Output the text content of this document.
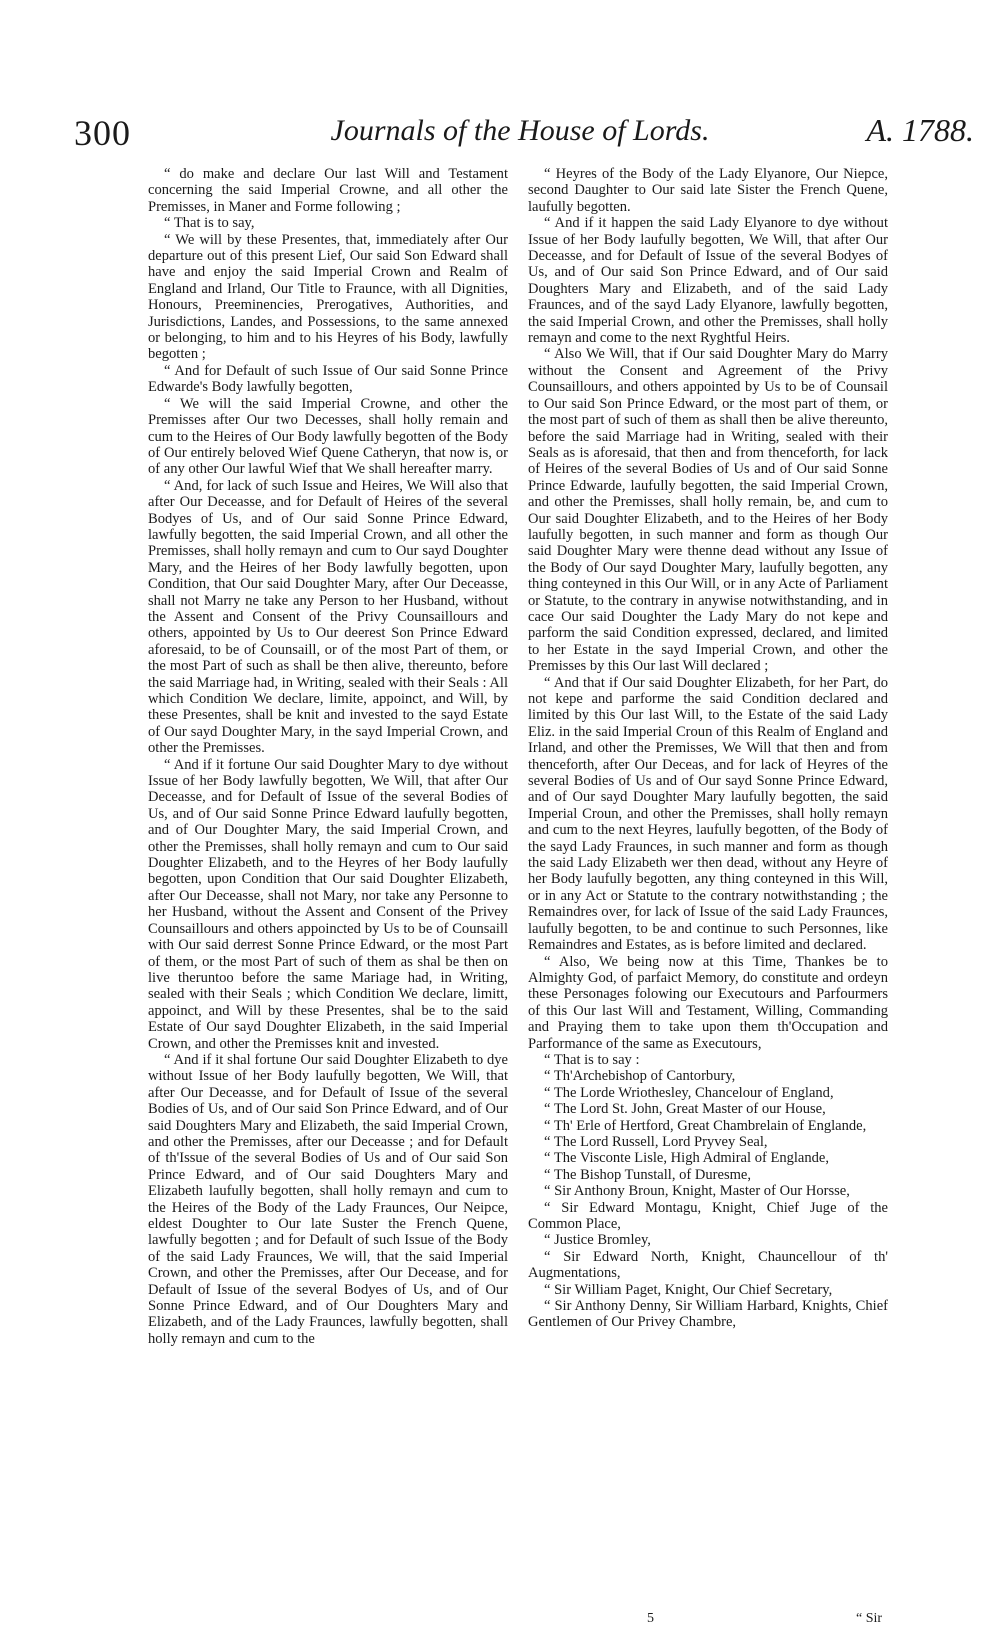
300	Journals of the House of Lords.	A. 1788.

“ do make and declare Our last Will and Testament concerning the said Imperial Crowne, and all other the Premisses, in Maner and Forme following ;

“ That is to say,

“ We will by these Presentes, that, immediately after Our departure out of this present Lief, Our said Son Edward shall have and enjoy the said Imperial Crown and Realm of England and Irland, Our Title to Fraunce, with all Dignities, Honours, Preeminencies, Prerogatives, Authorities, and Jurisdictions, Landes, and Possessions, to the same annexed or belonging, to him and to his Heyres of his Body, lawfully begotten ;

“ And for Default of such Issue of Our said Sonne Prince Edwarde's Body lawfully begotten,

“ We will the said Imperial Crowne, and other the Premisses after Our two Decesses, shall holly remain and cum to the Heires of Our Body lawfully begotten of the Body of Our entirely beloved Wief Quene Catheryn, that now is, or of any other Our lawful Wief that We shall hereafter marry.

“ And, for lack of such Issue and Heires, We Will also that after Our Deceasse, and for Default of Heires of the several Bodyes of Us, and of Our said Sonne Prince Edward, lawfully begotten, the said Imperial Crown, and all other the Premisses, shall holly remayn and cum to Our sayd Doughter Mary, and the Heires of her Body lawfully begotten, upon Condition, that Our said Doughter Mary, after Our Deceasse, shall not Marry ne take any Person to her Husband, without the Assent and Consent of the Privy Counsaillours and others, appointed by Us to Our deerest Son Prince Edward aforesaid, to be of Counsaill, or of the most Part of them, or the most Part of such as shall be then alive, thereunto, before the said Marriage had, in Writing, sealed with their Seals : All which Condition We declare, limite, appoinct, and Will, by these Presentes, shall be knit and invested to the sayd Estate of Our sayd Doughter Mary, in the sayd Imperial Crown, and other the Premisses.

“ And if it fortune Our said Doughter Mary to dye without Issue of her Body lawfully begotten, We Will, that after Our Deceasse, and for Default of Issue of the several Bodies of Us, and of Our said Sonne Prince Edward laufully begotten, and of Our Doughter Mary, the said Imperial Crown, and other the Premisses, shall holly remayn and cum to Our said Doughter Elizabeth, and to the Heyres of her Body laufully begotten, upon Condition that Our said Doughter Elizabeth, after Our Deceasse, shall not Mary, nor take any Personne to her Husband, without the Assent and Consent of the Privey Counsaillours and others appoincted by Us to be of Counsaill with Our said derrest Sonne Prince Edward, or the most Part of them, or the most Part of such of them as shal be then on live theruntoo before the same Mariage had, in Writing, sealed with their Seals ; which Condition We declare, limitt, appoinct, and Will by these Presentes, shal be to the said Estate of Our sayd Doughter Elizabeth, in the said Imperial Crown, and other the Premisses knit and invested.

“ And if it shal fortune Our said Doughter Elizabeth to dye without Issue of her Body laufully begotten, We Will, that after Our Deceasse, and for Default of Issue of the several Bodies of Us, and of Our said Son Prince Edward, and of Our said Doughters Mary and Elizabeth, the said Imperial Crown, and other the Premisses, after our Deceasse ; and for Default of th'Issue of the several Bodies of Us and of Our said Son Prince Edward, and of Our said Doughters Mary and Elizabeth laufully begotten, shall holly remayn and cum to the Heires of the Body of the Lady Fraunces, Our Neipce, eldest Doughter to Our late Suster the French Quene, lawfully begotten ; and for Default of such Issue of the Body of the said Lady Fraunces, We will, that the said Imperial Crown, and other the Premisses, after Our Decease, and for Default of Issue of the several Bodyes of Us, and of Our Sonne Prince Edward, and of Our Doughters Mary and Elizabeth, and of the Lady Fraunces, lawfully begotten, shall holly remayn and cum to the

“ Heyres of the Body of the Lady Elyanore, Our Niepce, second Daughter to Our said late Sister the French Quene, laufully begotten.

“ And if it happen the said Lady Elyanore to dye without Issue of her Body laufully begotten, We Will, that after Our Deceasse, and for Default of Issue of the several Bodyes of Us, and of Our said Son Prince Edward, and of Our said Doughters Mary and Elizabeth, and of the said Lady Fraunces, and of the sayd Lady Elyanore, lawfully begotten, the said Imperial Crown, and other the Premisses, shall holly remayn and come to the next Ryghtful Heirs.

“ Also We Will, that if Our said Doughter Mary do Marry without the Consent and Agreement of the Privy Counsaillours, and others appointed by Us to be of Counsail to Our said Son Prince Edward, or the most part of them, or the most part of such of them as shall then be alive thereunto, before the said Marriage had in Writing, sealed with their Seals as is aforesaid, that then and from thenceforth, for lack of Heires of the several Bodies of Us and of Our said Sonne Prince Edwarde, laufully begotten, the said Imperial Crown, and other the Premisses, shall holly remain, be, and cum to Our said Doughter Elizabeth, and to the Heires of her Body laufully begotten, in such manner and form as though Our said Doughter Mary were thenne dead without any Issue of the Body of Our sayd Doughter Mary, laufully begotten, any thing conteyned in this Our Will, or in any Acte of Parliament or Statute, to the contrary in anywise notwithstanding, and in cace Our said Doughter the Lady Mary do not kepe and parform the said Condition expressed, declared, and limited to her Estate in the sayd Imperial Crown, and other the Premisses by this Our last Will declared ;

“ And that if Our said Doughter Elizabeth, for her Part, do not kepe and parforme the said Condition declared and limited by this Our last Will, to the Estate of the said Lady Eliz. in the said Imperial Croun of this Realm of England and Irland, and other the Premisses, We Will that then and from thenceforth, after Our Deceas, and for lack of Heyres of the several Bodies of Us and of Our sayd Sonne Prince Edward, and of Our sayd Doughter Mary laufully begotten, the said Imperial Croun, and other the Premisses, shall holly remayn and cum to the next Heyres, laufully begotten, of the Body of the sayd Lady Fraunces, in such manner and form as though the said Lady Elizabeth wer then dead, without any Heyre of her Body laufully begotten, any thing conteyned in this Will, or in any Act or Statute to the contrary notwithstanding ; the Remaindres over, for lack of Issue of the said Lady Fraunces, laufully begotten, to be and continue to such Personnes, like Remaindres and Estates, as is before limited and declared.

“ Also, We being now at this Time, Thankes be to Almighty God, of parfaict Memory, do constitute and ordeyn these Personages folowing our Executours and Parfourmers of this Our last Will and Testament, Willing, Commanding and Praying them to take upon them th'Occupation and Parformance of the same as Executours,

“ That is to say :

“ Th'Archebishop of Cantorbury,

“ The Lorde Wriothesley, Chancelour of England,

“ The Lord St. John, Great Master of our House,

“ Th' Erle of Hertford, Great Chambrelain of Englande,

“ The Lord Russell, Lord Pryvey Seal,

“ The Visconte Lisle, High Admiral of Englande,

“ The Bishop Tunstall, of Duresme,

“ Sir Anthony Broun, Knight, Master of Our Horsse,

“ Sir Edward Montagu, Knight, Chief Juge of the Common Place,

“ Justice Bromley,

“ Sir Edward North, Knight, Chauncellour of th' Augmentations,

“ Sir William Paget, Knight, Our Chief Secretary,

“ Sir Anthony Denny, Sir William Harbard, Knights, Chief Gentlemen of Our Privey Chambre,

5	“ Sir
